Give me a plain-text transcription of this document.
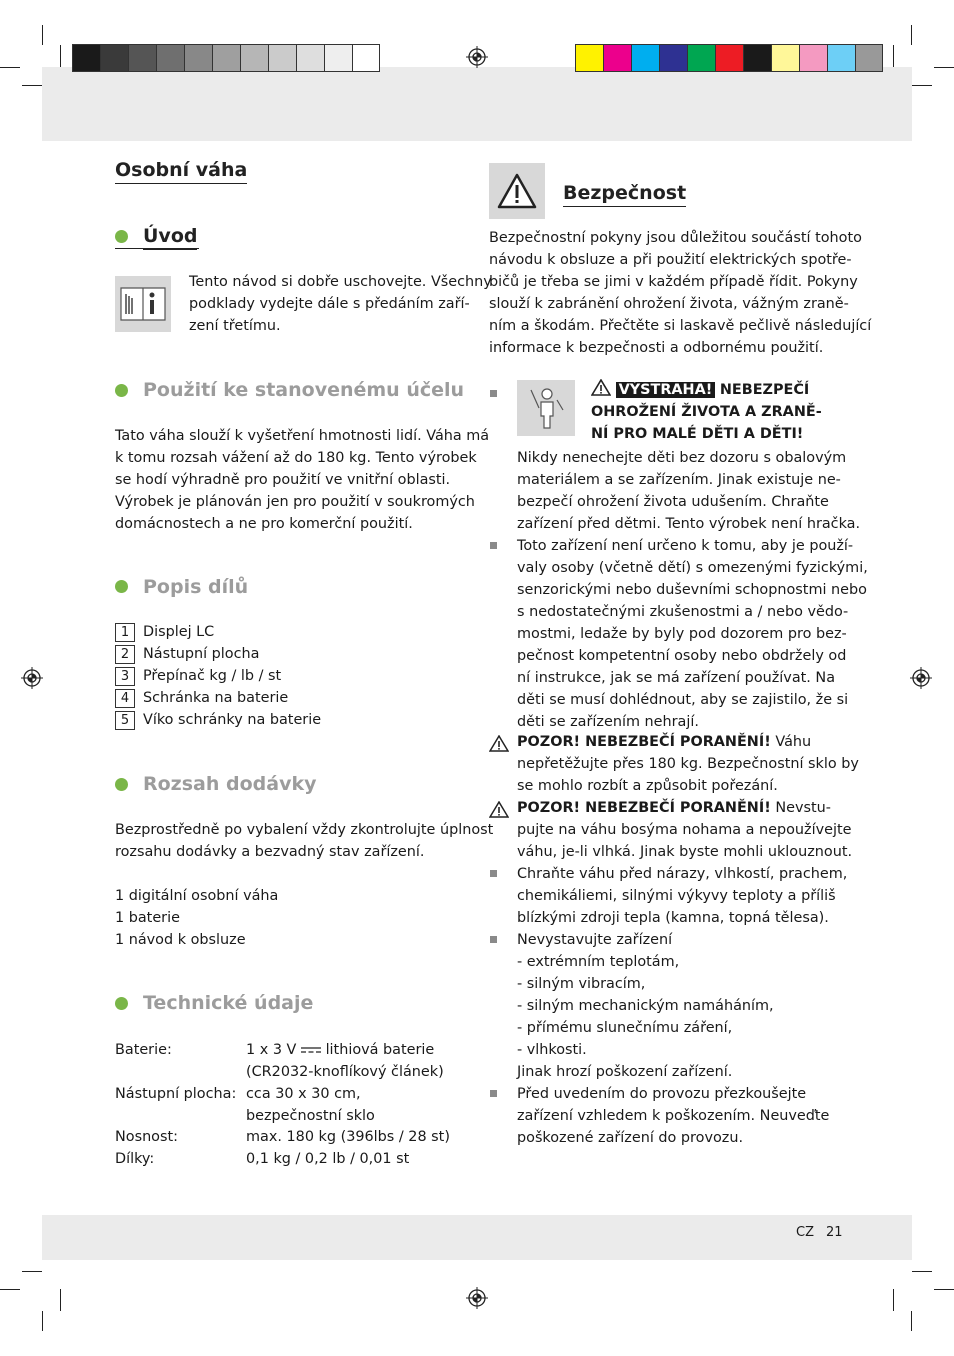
Osobní váha
Úvod
Tento návod si dobře uschovejte. Všechny
podklady vydejte dále s předáním zaří-
zení třetímu.
Použití ke stanovenému účelu
Tato váha slouží k vyšetření hmotnosti lidí. Váha má
k tomu rozsah vážení až do 180 kg. Tento výrobek
se hodí výhradně pro použití ve vnitřní oblasti.
Výrobek je plánován jen pro použití v soukromých
domácnostech a ne pro komerční použití.
Popis dílů
1 Displej LC
2 Nástupní plocha
3 Přepínač kg / lb / st
4 Schránka na baterie
5 Víko schránky na baterie
Rozsah dodávky
Bezprostředně po vybalení vždy zkontrolujte úplnost
rozsahu dodávky a bezvadný stav zařízení.
1 digitální osobní váha
1 baterie
1 návod k obsluze
Technické údaje
Baterie:	1 x 3 V lithiová baterie
(CR2032-knoflíkový článek)
Nástupní plocha: cca 30 x 30 cm,
bezpečnostní sklo
Nosnost:	max. 180 kg (396lbs / 28 st)
Dílky:	0,1 kg / 0,2 lb / 0,01 st
Bezpečnost
Bezpečnostní pokyny jsou důležitou součástí tohoto
návodu k obsluze a při použití elektrických spotře-
bičů je třeba se jimi v každém případě řídit. Pokyny
slouží k zabránění ohrožení života, vážným zraně-
ním a škodám. Přečtěte si laskavě pečlivě následující
informace k bezpečnosti a odbornému použití.
VÝSTRAHA! NEBEZPEČÍ
OHROŽENÍ ŽIVOTA A ZRANĚ-
NÍ PRO MALÉ DĚTI A DĚTI!
Nikdy nenechejte děti bez dozoru s obalovým
materiálem a se zařízením. Jinak existuje ne-
bezpečí ohrožení života udušením. Chraňte
zařízení před dětmi. Tento výrobek není hračka.
Toto zařízení není určeno k tomu, aby je použí-
valy osoby (včetně dětí) s omezenými fyzickými,
senzorickými nebo duševními schopnostmi nebo
s nedostatečnými zkušenostmi a / nebo vědo-
mostmi, ledaže by byly pod dozorem pro bez-
pečnost kompetentní osoby nebo obdržely od
ní instrukce, jak se má zařízení používat. Na
děti se musí dohlédnout, aby se zajistilo, že si
děti se zařízením nehrají.
POZOR! NEBEZBEČÍ PORANĚNÍ! Váhu
nepřetěžujte přes 180 kg. Bezpečnostní sklo by
se mohlo rozbít a způsobit pořezání.
POZOR! NEBEZBEČÍ PORANĚNÍ! Nevstu-
pujte na váhu bosýma nohama a nepoužívejte
váhu, je-li vlhká. Jinak byste mohli uklouznout.
Chraňte váhu před nárazy, vlhkostí, prachem,
chemikáliemi, silnými výkyvy teploty a příliš
blízkými zdroji tepla (kamna, topná tělesa).
Nevystavujte zařízení
- extrémním teplotám,
- silným vibracím,
- silným mechanickým namáháním,
- přímému slunečnímu záření,
- vlhkosti.
Jinak hrozí poškození zařízení.
Před uvedením do provozu přezkoušejte
zařízení vzhledem k poškozením. Neuveďte
poškozené zařízení do provozu.
CZ 21
